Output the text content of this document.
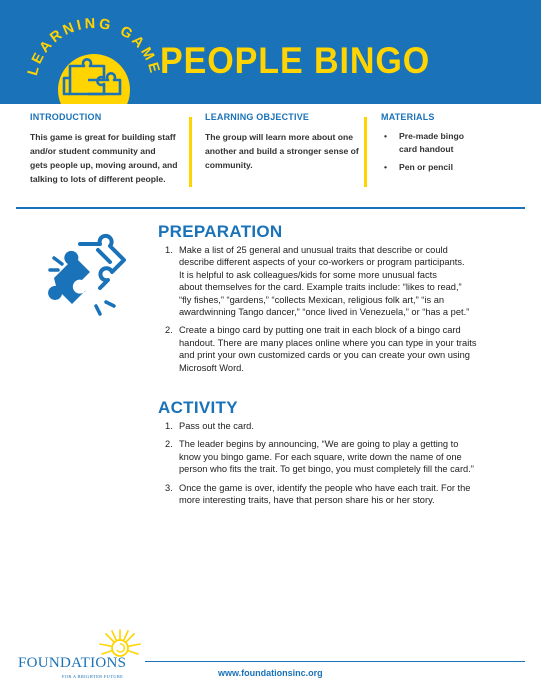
LEARNING GAME
PEOPLE BINGO
INTRODUCTION

This game is great for building staff
and/or student community and
gets people up, moving around, and
talking to lots of different people.

LEARNING OBJECTIVE

The group will learn more about one
another and build a stronger sense of
community.

MATERIALS
• Pre-made bingo
card handout
• Pen or pencil
PREPARATION
1. Make a list of 25 general and unusual traits that describe or could
describe different aspects of your co-workers or program participants.
It is helpful to ask colleagues/kids for some more unusual facts
about themselves for the card. Example traits include: “likes to read,”
“fly fishes,” “gardens,” “collects Mexican, religious folk art,” “is an
awardwinning Tango dancer,” “once lived in Venezuela,” or “has a pet.”
2. Create a bingo card by putting one trait in each block of a bingo card
handout. There are many places online where you can type in your traits
and print your own customized cards or you can create your own using
Microsoft Word.
ACTIVITY
1. Pass out the card.
2. The leader begins by announcing, “We are going to play a getting to
know you bingo game. For each square, write down the name of one
person who fits the trait. To get bingo, you must completely fill the card.”
3. Once the game is over, identify the people who have each trait. For the
more interesting traits, have that person share his or her story.
FOUNDATIONS
FOR A BRIGHTER FUTURE	www.foundationsinc.org
